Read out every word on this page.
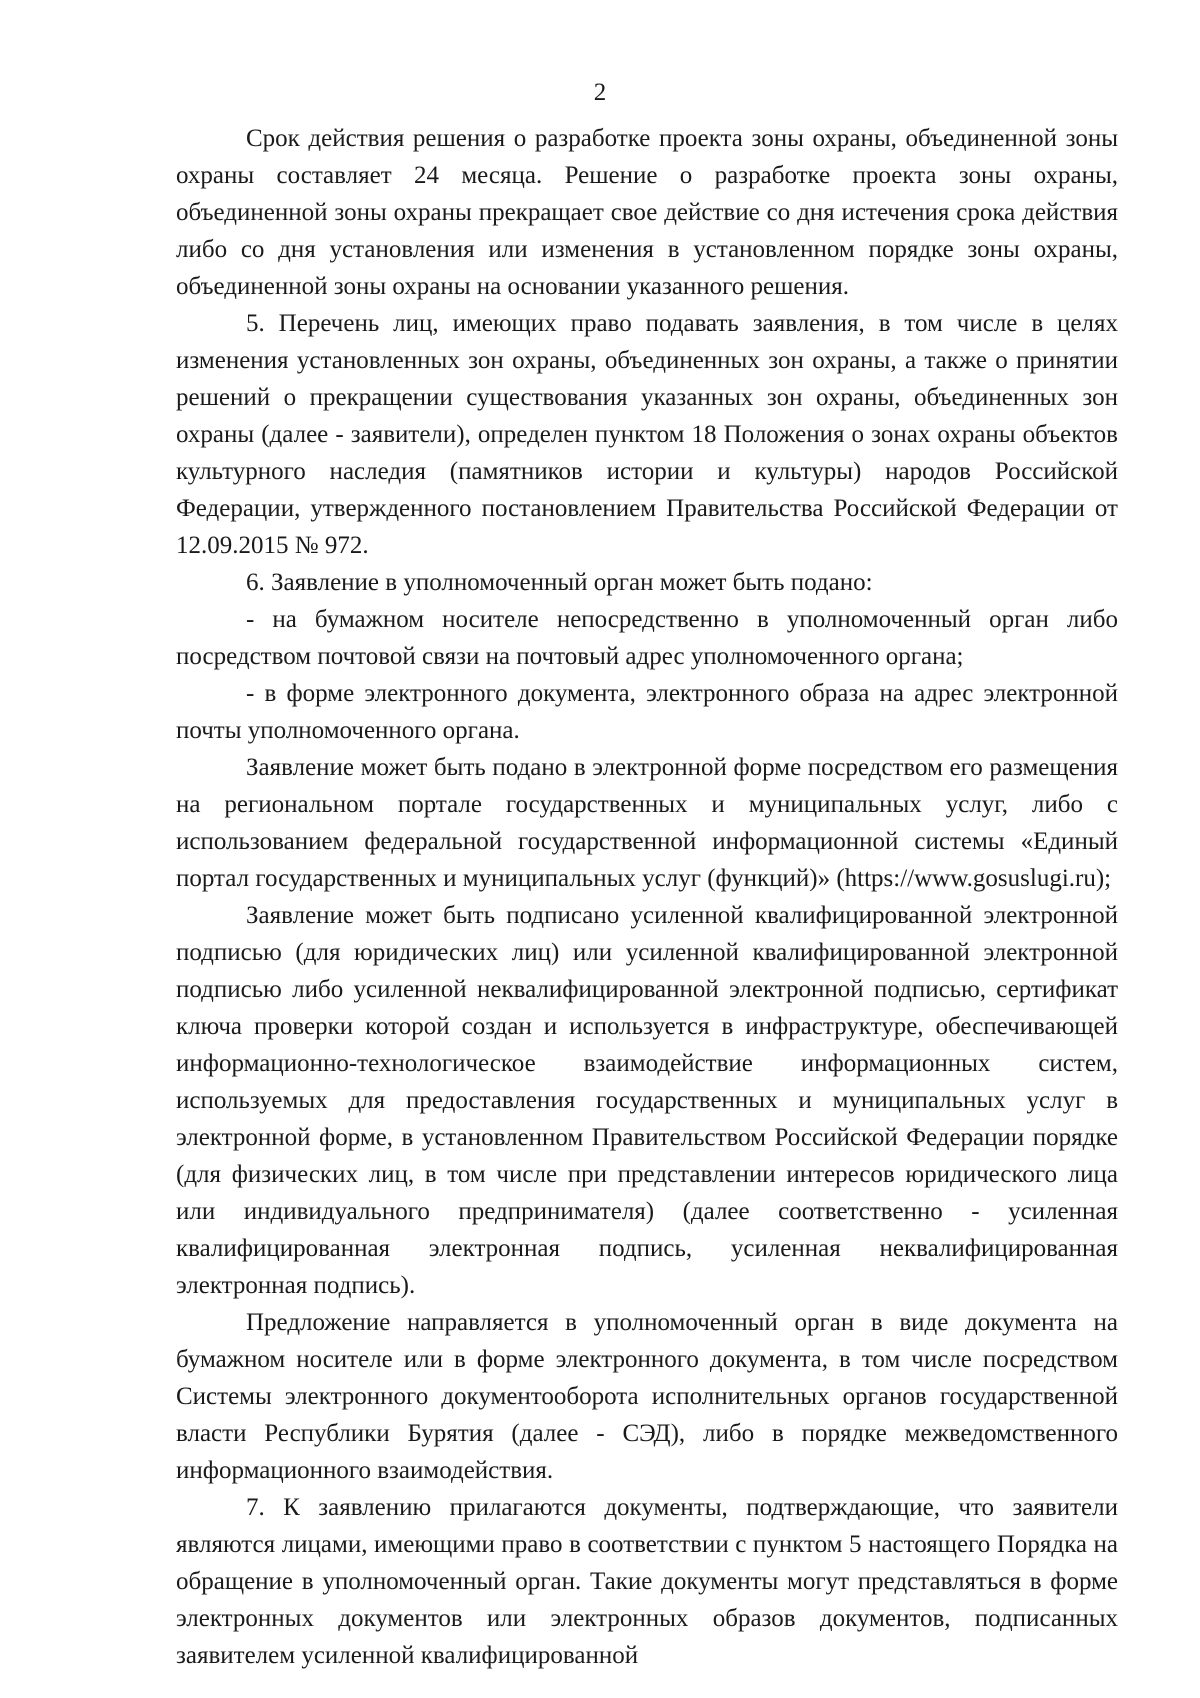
2

Срок действия решения о разработке проекта зоны охраны, объединенной зоны охраны составляет 24 месяца. Решение о разработке проекта зоны охраны, объединенной зоны охраны прекращает свое действие со дня истечения срока действия либо со дня установления или изменения в установленном порядке зоны охраны, объединенной зоны охраны на основании указанного решения.

5. Перечень лиц, имеющих право подавать заявления, в том числе в целях изменения установленных зон охраны, объединенных зон охраны, а также о принятии решений о прекращении существования указанных зон охраны, объединенных зон охраны (далее - заявители), определен пунктом 18 Положения о зонах охраны объектов культурного наследия (памятников истории и культуры) народов Российской Федерации, утвержденного постановлением Правительства Российской Федерации от 12.09.2015 № 972.

6. Заявление в уполномоченный орган может быть подано:

- на бумажном носителе непосредственно в уполномоченный орган либо посредством почтовой связи на почтовый адрес уполномоченного органа;

- в форме электронного документа, электронного образа на адрес электронной почты уполномоченного органа.

Заявление может быть подано в электронной форме посредством его размещения на региональном портале государственных и муниципальных услуг, либо с использованием федеральной государственной информационной системы «Единый портал государственных и муниципальных услуг (функций)» (https://www.gosuslugi.ru);

Заявление может быть подписано усиленной квалифицированной электронной подписью (для юридических лиц) или усиленной квалифицированной электронной подписью либо усиленной неквалифицированной электронной подписью, сертификат ключа проверки которой создан и используется в инфраструктуре, обеспечивающей информационно-технологическое взаимодействие информационных систем, используемых для предоставления государственных и муниципальных услуг в электронной форме, в установленном Правительством Российской Федерации порядке (для физических лиц, в том числе при представлении интересов юридического лица или индивидуального предпринимателя) (далее соответственно - усиленная квалифицированная электронная подпись, усиленная неквалифицированная электронная подпись).

Предложение направляется в уполномоченный орган в виде документа на бумажном носителе или в форме электронного документа, в том числе посредством Системы электронного документооборота исполнительных органов государственной власти Республики Бурятия (далее - СЭД), либо в порядке межведомственного информационного взаимодействия.

7. К заявлению прилагаются документы, подтверждающие, что заявители являются лицами, имеющими право в соответствии с пунктом 5 настоящего Порядка на обращение в уполномоченный орган. Такие документы могут представляться в форме электронных документов или электронных образов документов, подписанных заявителем усиленной квалифицированной
